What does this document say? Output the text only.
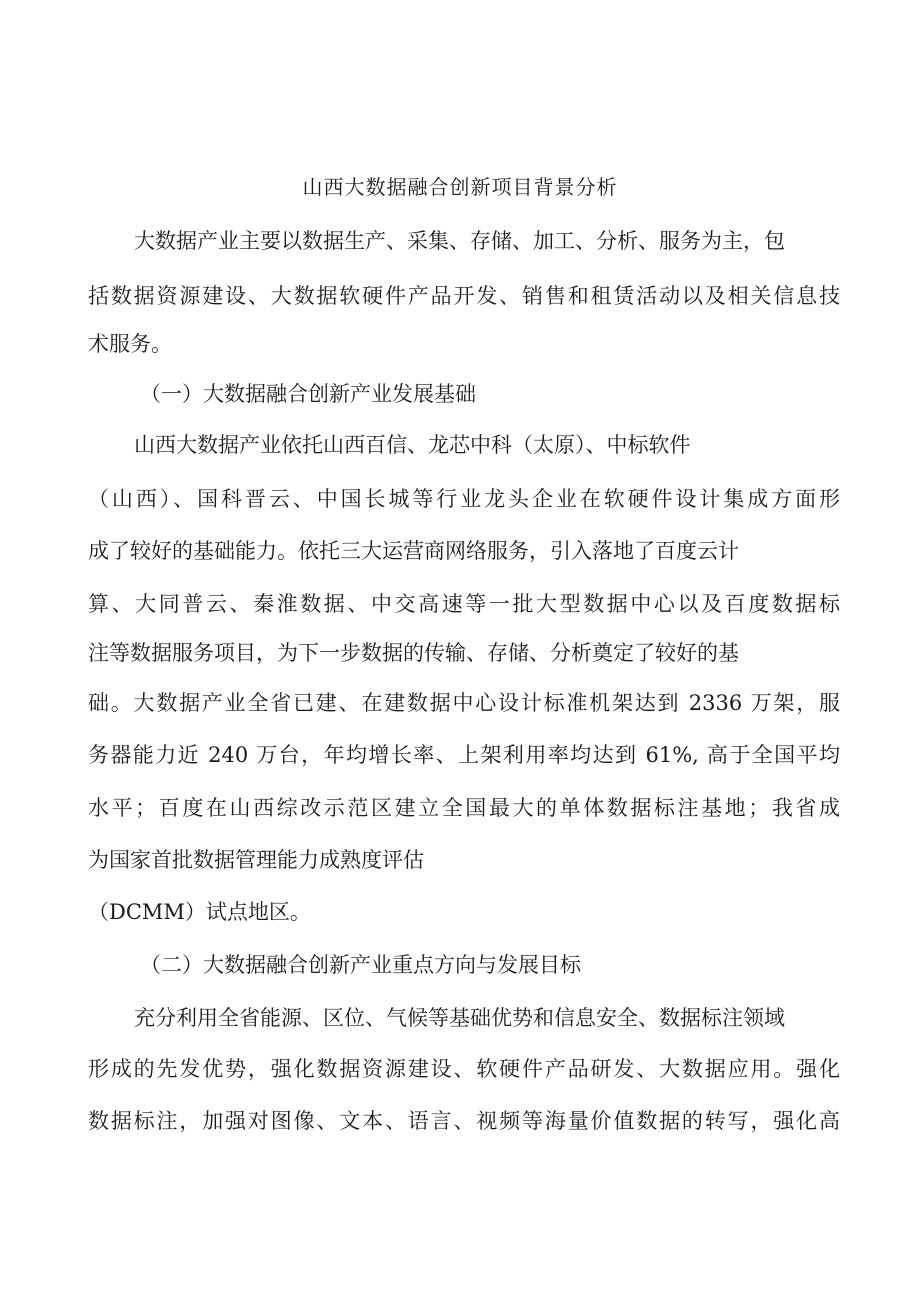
山西大数据融合创新项目背景分析
大数据产业主要以数据生产、采集、存储、加工、分析、服务为主，包
括数据资源建设、大数据软硬件产品开发、销售和租赁活动以及相关信息技
术服务。
（一）大数据融合创新产业发展基础
山西大数据产业依托山西百信、龙芯中科（太原）、中标软件
（山西）、国科晋云、中国长城等行业龙头企业在软硬件设计集成方面形
成了较好的基础能力。依托三大运营商网络服务，引入落地了百度云计
算、大同普云、秦淮数据、中交高速等一批大型数据中心以及百度数据标
注等数据服务项目，为下一步数据的传输、存储、分析奠定了较好的基
础。大数据产业全省已建、在建数据中心设计标准机架达到 2336 万架，服
务器能力近 240 万台，年均增长率、上架利用率均达到 61%, 高于全国平均
水平；百度在山西综改示范区建立全国最大的单体数据标注基地；我省成
为国家首批数据管理能力成熟度评估
（DCMM）试点地区。
（二）大数据融合创新产业重点方向与发展目标
充分利用全省能源、区位、气候等基础优势和信息安全、数据标注领域
形成的先发优势，强化数据资源建设、软硬件产品研发、大数据应用。强化
数据标注，加强对图像、文本、语言、视频等海量价值数据的转写，强化高
